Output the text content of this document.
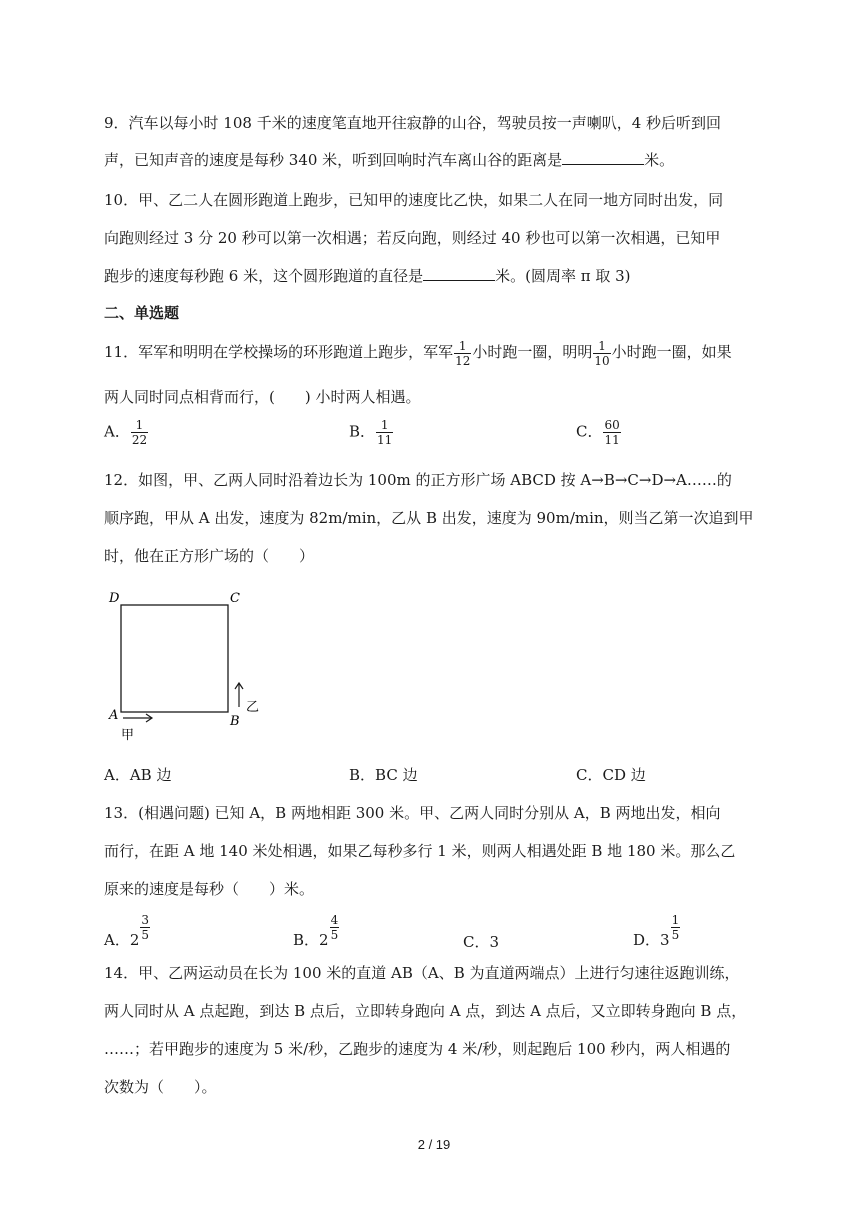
9．汽车以每小时 108 千米的速度笔直地开往寂静的山谷，驾驶员按一声喇叭，4 秒后听到回
声，已知声音的速度是每秒 340 米，听到回响时汽车离山谷的距离是	米。
10．甲、乙二人在圆形跑道上跑步，已知甲的速度比乙快，如果二人在同一地方同时出发，同
向跑则经过 3 分 20 秒可以第一次相遇；若反向跑，则经过 40 秒也可以第一次相遇，已知甲
跑步的速度每秒跑 6 米，这个圆形跑道的直径是	米。(圆周率 π 取 3)
二、单选题
11．军军和明明在学校操场的环形跑道上跑步，军军 $\frac{1}{12}$ 小时跑一圈，明明 $\frac{1}{10}$ 小时跑一圈，如果
两人同时同点相背而行，(　　) 小时两人相遇。
A． $\frac{1}{22}$	B． $\frac{1}{11}$	C． $\frac{60}{11}$
12．如图，甲、乙两人同时沿着边长为 100m 的正方形广场 ABCD 按 A→B→C→D→A……的
顺序跑，甲从 A 出发，速度为 82m/min，乙从 B 出发，速度为 90m/min，则当乙第一次追到甲
时，他在正方形广场的（　　）
D	C
A	B
甲
乙
A．AB 边	B．BC 边	C．CD 边
13．(相遇问题) 已知 A，B 两地相距 300 米。甲、乙两人同时分别从 A，B 两地出发，相向
而行，在距 A 地 140 米处相遇，如果乙每秒多行 1 米，则两人相遇处距 B 地 180 米。那么乙
原来的速度是每秒（　　）米。
A． $2 \frac{3}{5}$	B． $2 \frac{4}{5}$
C．3	D． $3 \frac{1}{5}$
14．甲、乙两运动员在长为 100 米的直道 AB（A、B 为直道两端点）上进行匀速往返跑训练，
两人同时从 A 点起跑，到达 B 点后，立即转身跑向 A 点，到达 A 点后，又立即转身跑向 B 点，
……；若甲跑步的速度为 5 米/秒，乙跑步的速度为 4 米/秒，则起跑后 100 秒内，两人相遇的
次数为（　　）。
2 / 19
